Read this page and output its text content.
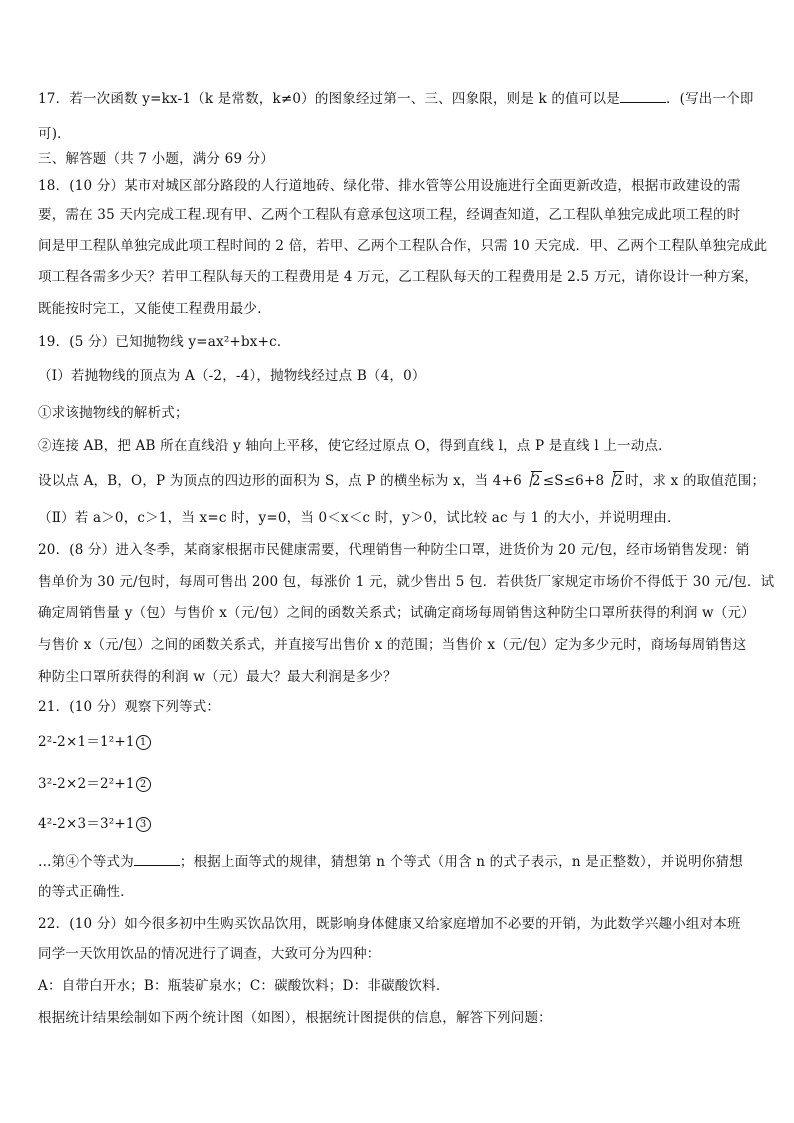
17．若一次函数 y=kx-1（k 是常数，k≠0）的图象经过第一、三、四象限，则是 k 的值可以是	．(写出一个即
可)．
三、解答题（共 7 小题，满分 69 分）
18．(10 分）某市对城区部分路段的人行道地砖、绿化带、排水管等公用设施进行全面更新改造，根据市政建设的需
要，需在 35 天内完成工程.现有甲、乙两个工程队有意承包这项工程，经调查知道，乙工程队单独完成此项工程的时
间是甲工程队单独完成此项工程时间的 2 倍，若甲、乙两个工程队合作，只需 10 天完成．甲、乙两个工程队单独完成此
项工程各需多少天？若甲工程队每天的工程费用是 4 万元，乙工程队每天的工程费用是 2.5 万元，请你设计一种方案，
既能按时完工，又能使工程费用最少．
19．(5 分）已知抛物线 y=ax²+bx+c．
（Ⅰ）若抛物线的顶点为 A（-2，-4），抛物线经过点 B（4，0）
①求该抛物线的解析式；
②连接 AB，把 AB 所在直线沿 y 轴向上平移，使它经过原点 O，得到直线 l，点 P 是直线 l 上一动点．
设以点 A，B，O，P 为顶点的四边形的面积为 S，点 P 的横坐标为 x，当 4+6 2 ≤S≤6+8 2 时，求 x 的取值范围；
（Ⅱ）若 a＞0，c＞1，当 x=c 时，y=0，当 0＜x＜c 时，y＞0，试比较 ac 与 1 的大小，并说明理由．
20．(8 分）进入冬季，某商家根据市民健康需要，代理销售一种防尘口罩，进货价为 20 元/包，经市场销售发现：销
售单价为 30 元/包时，每周可售出 200 包，每涨价 1 元，就少售出 5 包．若供货厂家规定市场价不得低于 30 元/包．试
确定周销售量 y（包）与售价 x（元/包）之间的函数关系式；试确定商场每周销售这种防尘口罩所获得的利润 w（元）
与售价 x（元/包）之间的函数关系式，并直接写出售价 x 的范围；当售价 x（元/包）定为多少元时，商场每周销售这
种防尘口罩所获得的利润 w（元）最大？最大利润是多少？
21．(10 分）观察下列等式：
2²-2×1＝1²+1 1
3²-2×2＝2²+1 2
4²-2×3＝3²+1 3
…第④个等式为	；根据上面等式的规律，猜想第 n 个等式（用含 n 的式子表示，n 是正整数），并说明你猜想
的等式正确性．
22．(10 分）如今很多初中生购买饮品饮用，既影响身体健康又给家庭增加不必要的开销，为此数学兴趣小组对本班
同学一天饮用饮品的情况进行了调查，大致可分为四种：
A：自带白开水；B：瓶装矿泉水；C：碳酸饮料；D：非碳酸饮料．
根据统计结果绘制如下两个统计图（如图），根据统计图提供的信息，解答下列问题：
